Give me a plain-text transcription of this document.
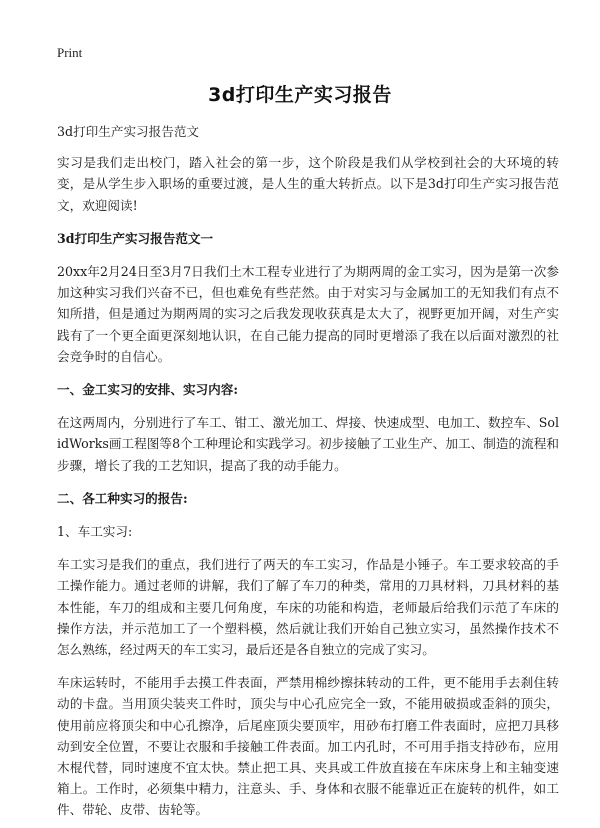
Print
3d打印生产实习报告

3d打印生产实习报告范文

实习是我们走出校门，踏入社会的第一步，这个阶段是我们从学校到社会的大环境的转变，是从学生步入职场的重要过渡，是人生的重大转折点。以下是3d打印生产实习报告范文，欢迎阅读!

3d打印生产实习报告范文一

20xx年2月24日至3月7日我们土木工程专业进行了为期两周的金工实习，因为是第一次参加这种实习我们兴奋不已，但也难免有些茫然。由于对实习与金属加工的无知我们有点不知所措，但是通过为期两周的实习之后我发现收获真是太大了，视野更加开阔，对生产实践有了一个更全面更深刻地认识，在自己能力提高的同时更增添了我在以后面对激烈的社会竞争时的自信心。

一、金工实习的安排、实习内容:

在这两周内，分别进行了车工、钳工、激光加工、焊接、快速成型、电加工、数控车、SolidWorks画工程图等8个工种理论和实践学习。初步接触了工业生产、加工、制造的流程和步骤，增长了我的工艺知识，提高了我的动手能力。

二、各工种实习的报告:

1、车工实习:

车工实习是我们的重点，我们进行了两天的车工实习，作品是小锤子。车工要求较高的手工操作能力。通过老师的讲解，我们了解了车刀的种类，常用的刀具材料，刀具材料的基本性能，车刀的组成和主要几何角度，车床的功能和构造，老师最后给我们示范了车床的操作方法，并示范加工了一个塑料模，然后就让我们开始自己独立实习，虽然操作技术不怎么熟练，经过两天的车工实习，最后还是各自独立的完成了实习。

车床运转时，不能用手去摸工件表面，严禁用棉纱擦抹转动的工件，更不能用手去刹住转动的卡盘。当用顶尖装夹工件时，顶尖与中心孔应完全一致，不能用破损或歪斜的顶尖，使用前应将顶尖和中心孔擦净，后尾座顶尖要顶牢，用砂布打磨工件表面时，应把刀具移动到安全位置，不要让衣服和手接触工件表面。加工内孔时，不可用手指支持砂布，应用木棍代替，同时速度不宜太快。禁止把工具、夹具或工件放直接在车床床身上和主轴变速箱上。工作时，必须集中精力，注意头、手、身体和衣服不能靠近正在旋转的机件，如工件、带轮、皮带、齿轮等。
